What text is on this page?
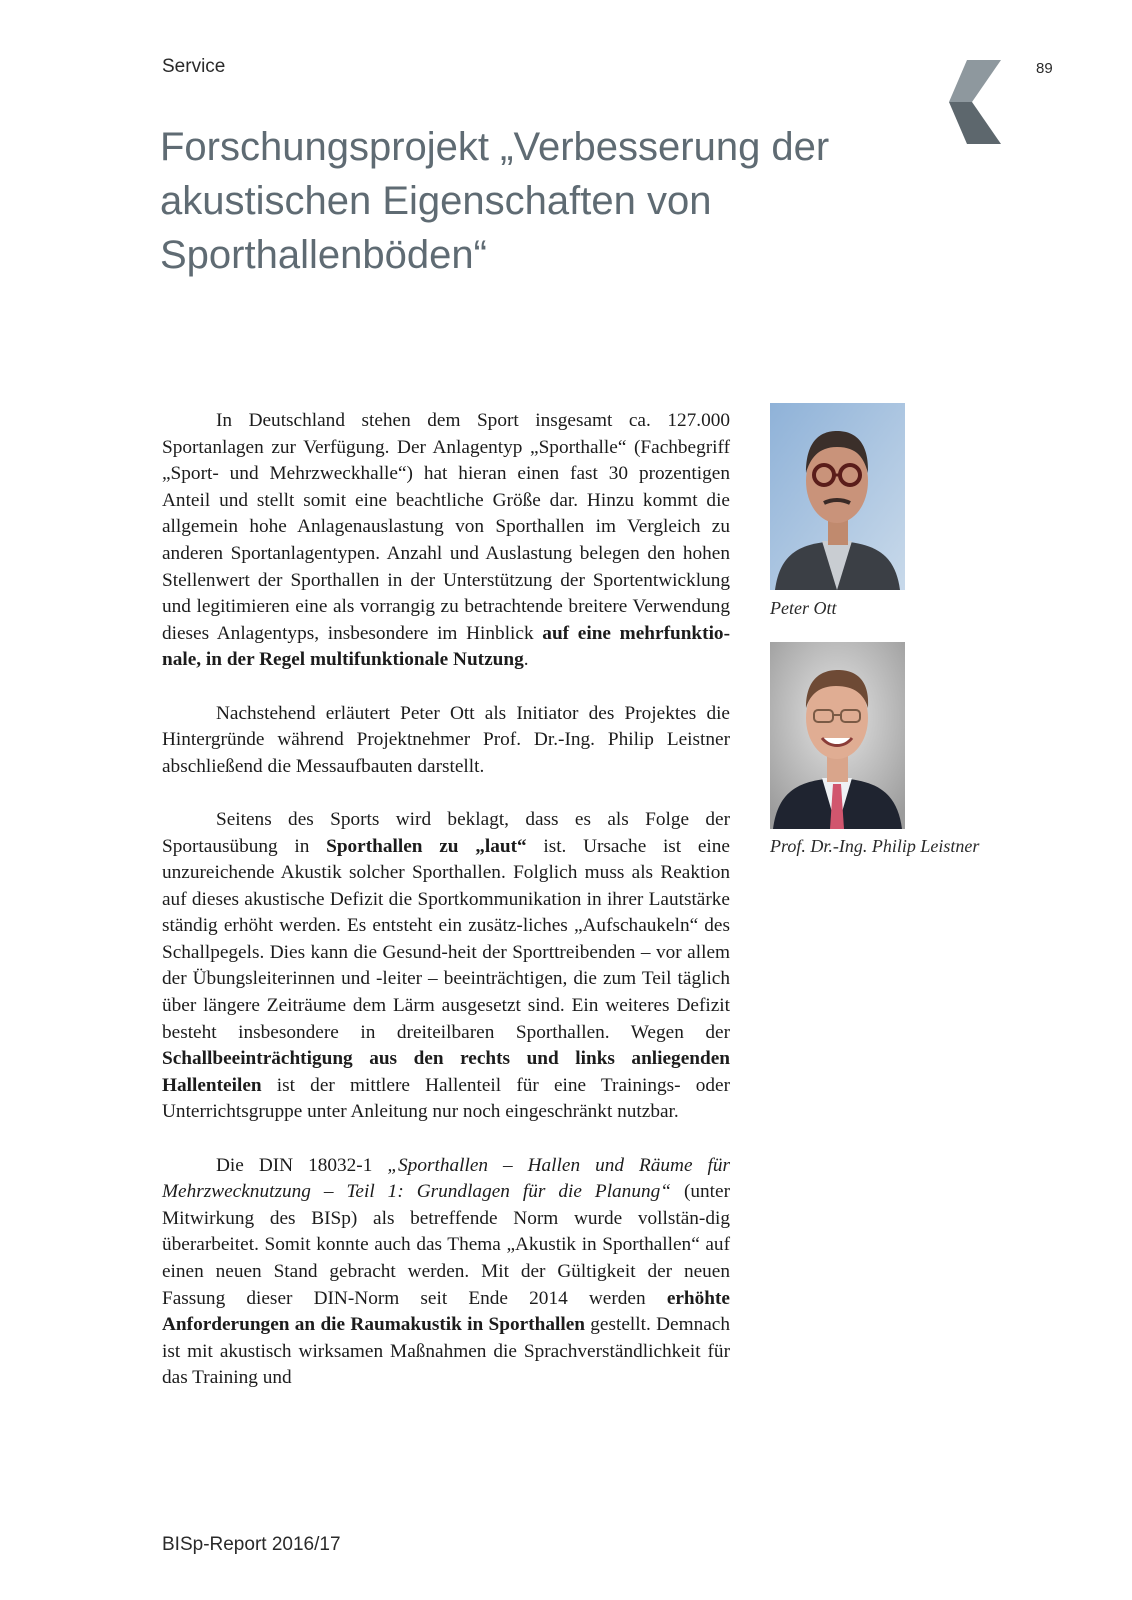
Service	89
Forschungsprojekt „Verbesserung der
akustischen Eigenschaften von
Sporthallenböden“

In Deutschland stehen dem Sport insgesamt ca. 127.000 Sportanlagen zur Verfügung. Der Anlagentyp „Sporthalle“ (Fachbegriff „Sport- und Mehrzweckhalle“) hat hieran einen fast 30 prozentigen Anteil und stellt somit eine beachtliche Größe dar. Hinzu kommt die allgemein hohe Anlagenauslastung von Sporthallen im Vergleich zu anderen Sportanlagentypen. Anzahl und Auslastung belegen den hohen Stellenwert der Sporthallen in der Unterstützung der Sportentwicklung und legitimieren eine als vorrangig zu betrachtende breitere Verwendung dieses Anlagentyps, insbesondere im Hinblick auf eine mehrfunktio-nale, in der Regel multifunktionale Nutzung.

Nachstehend erläutert Peter Ott als Initiator des Projektes die Hintergründe während Projektnehmer Prof. Dr.-Ing. Philip Leistner abschließend die Messaufbauten darstellt.

Seitens des Sports wird beklagt, dass es als Folge der Sportausübung in Sporthallen zu „laut“ ist. Ursache ist eine unzureichende Akustik solcher Sporthallen. Folglich muss als Reaktion auf dieses akustische Defizit die Sportkommunikation in ihrer Lautstärke ständig erhöht werden. Es entsteht ein zusätz-liches „Aufschaukeln“ des Schallpegels. Dies kann die Gesund-heit der Sporttreibenden – vor allem der Übungsleiterinnen und -leiter – beeinträchtigen, die zum Teil täglich über längere Zeiträume dem Lärm ausgesetzt sind. Ein weiteres Defizit besteht insbesondere in dreiteilbaren Sporthallen. Wegen der Schallbeeinträchtigung aus den rechts und links anliegenden Hallenteilen ist der mittlere Hallenteil für eine Trainings- oder Unterrichtsgruppe unter Anleitung nur noch eingeschränkt nutzbar.

Die DIN 18032-1 „Sporthallen – Hallen und Räume für Mehrzwecknutzung – Teil 1: Grundlagen für die Planung“ (unter Mitwirkung des BISp) als betreffende Norm wurde vollstän-dig überarbeitet. Somit konnte auch das Thema „Akustik in Sporthallen“ auf einen neuen Stand gebracht werden. Mit der Gültigkeit der neuen Fassung dieser DIN-Norm seit Ende 2014 werden erhöhte Anforderungen an die Raumakustik in Sporthallen gestellt. Demnach ist mit akustisch wirksamen Maßnahmen die Sprachverständlichkeit für das Training und

Peter Ott
Prof. Dr.-Ing. Philip Leistner
BISp-Report 2016/17
